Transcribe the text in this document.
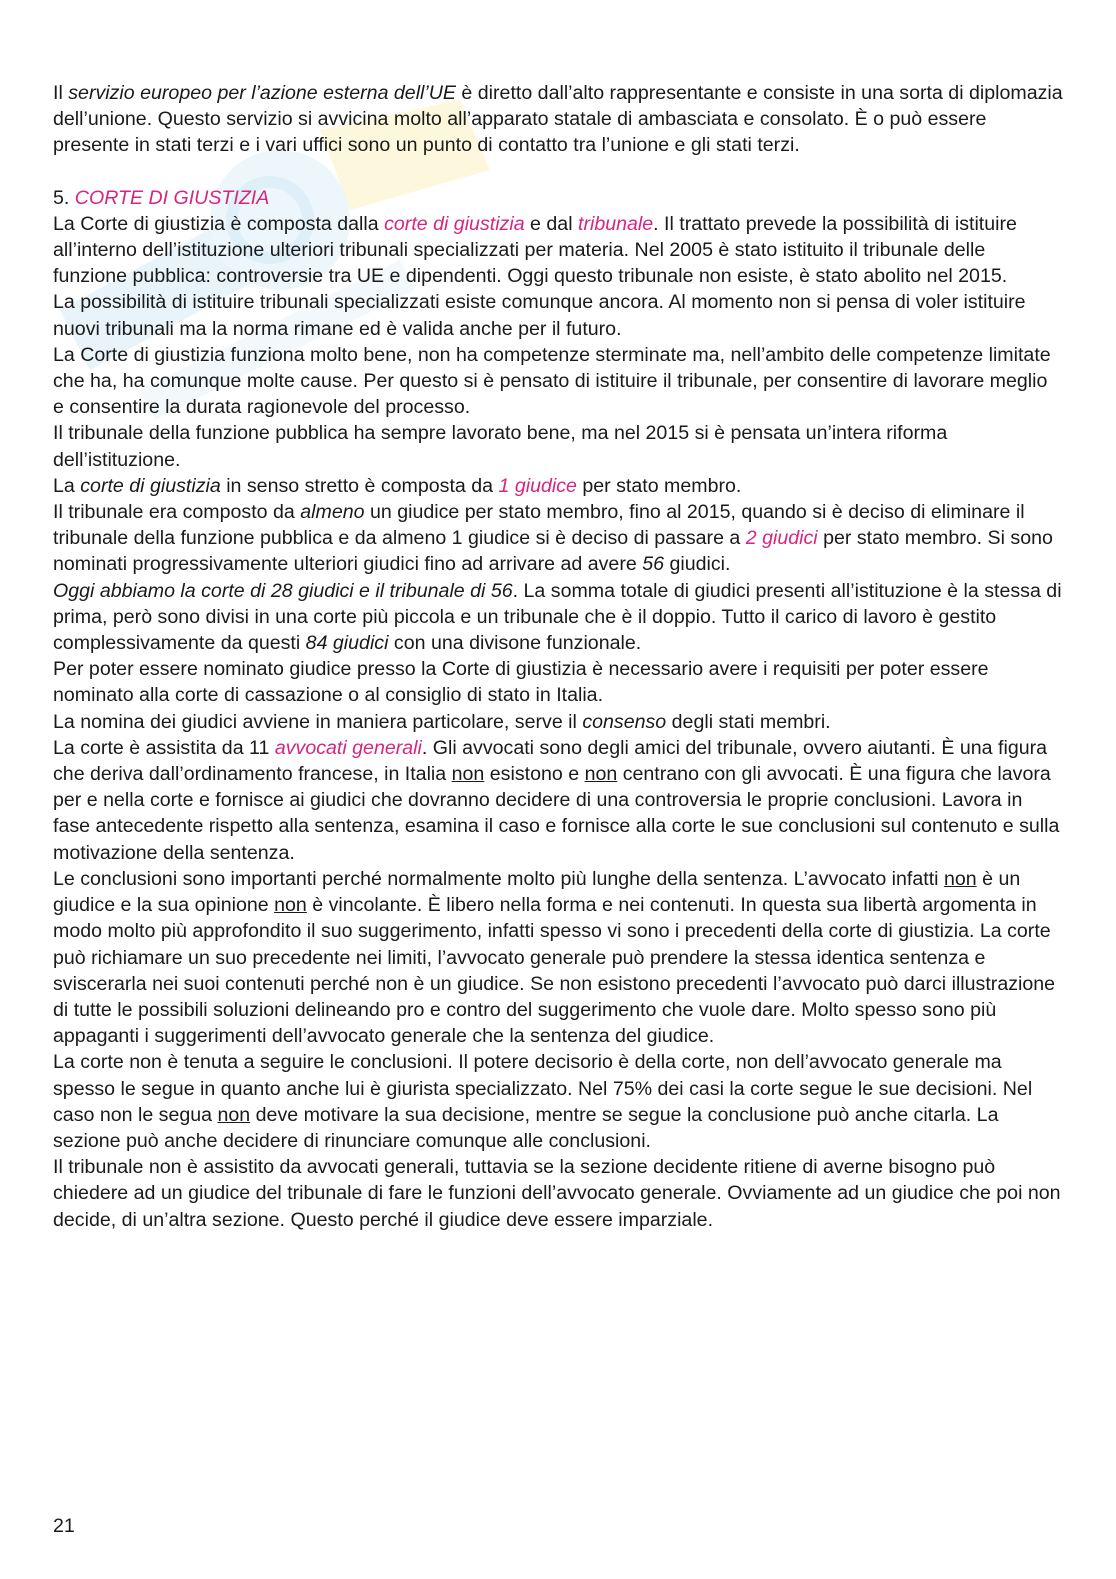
Il servizio europeo per l’azione esterna dell’UE è diretto dall’alto rappresentante e consiste in una sorta di diplomazia dell’unione. Questo servizio si avvicina molto all’apparato statale di ambasciata e consolato. È o può essere presente in stati terzi e i vari uffici sono un punto di contatto tra l’unione e gli stati terzi.

5. CORTE DI GIUSTIZIA

La Corte di giustizia è composta dalla corte di giustizia e dal tribunale. Il trattato prevede la possibilità di istituire all’interno dell’istituzione ulteriori tribunali specializzati per materia. Nel 2005 è stato istituito il tribunale delle funzione pubblica: controversie tra UE e dipendenti. Oggi questo tribunale non esiste, è stato abolito nel 2015.

La possibilità di istituire tribunali specializzati esiste comunque ancora. Al momento non si pensa di voler istituire nuovi tribunali ma la norma rimane ed è valida anche per il futuro.

La Corte di giustizia funziona molto bene, non ha competenze sterminate ma, nell’ambito delle competenze limitate che ha, ha comunque molte cause. Per questo si è pensato di istituire il tribunale, per consentire di lavorare meglio e consentire la durata ragionevole del processo.

Il tribunale della funzione pubblica ha sempre lavorato bene, ma nel 2015 si è pensata un’intera riforma dell’istituzione.

La corte di giustizia in senso stretto è composta da 1 giudice per stato membro.

Il tribunale era composto da almeno un giudice per stato membro, fino al 2015, quando si è deciso di eliminare il tribunale della funzione pubblica e da almeno 1 giudice si è deciso di passare a 2 giudici per stato membro. Si sono nominati progressivamente ulteriori giudici fino ad arrivare ad avere 56 giudici.

Oggi abbiamo la corte di 28 giudici e il tribunale di 56. La somma totale di giudici presenti all’istituzione è la stessa di prima, però sono divisi in una corte più piccola e un tribunale che è il doppio. Tutto il carico di lavoro è gestito complessivamente da questi 84 giudici con una divisone funzionale.

Per poter essere nominato giudice presso la Corte di giustizia è necessario avere i requisiti per poter essere nominato alla corte di cassazione o al consiglio di stato in Italia.

La nomina dei giudici avviene in maniera particolare, serve il consenso degli stati membri.

La corte è assistita da 11 avvocati generali. Gli avvocati sono degli amici del tribunale, ovvero aiutanti. È una figura che deriva dall’ordinamento francese, in Italia non esistono e non centrano con gli avvocati. È una figura che lavora per e nella corte e fornisce ai giudici che dovranno decidere di una controversia le proprie conclusioni. Lavora in fase antecedente rispetto alla sentenza, esamina il caso e fornisce alla corte le sue conclusioni sul contenuto e sulla motivazione della sentenza.

Le conclusioni sono importanti perché normalmente molto più lunghe della sentenza. L’avvocato infatti non è un giudice e la sua opinione non è vincolante. È libero nella forma e nei contenuti. In questa sua libertà argomenta in modo molto più approfondito il suo suggerimento, infatti spesso vi sono i precedenti della corte di giustizia. La corte può richiamare un suo precedente nei limiti, l’avvocato generale può prendere la stessa identica sentenza e sviscerarla nei suoi contenuti perché non è un giudice. Se non esistono precedenti l’avvocato può darci illustrazione di tutte le possibili soluzioni delineando pro e contro del suggerimento che vuole dare. Molto spesso sono più appaganti i suggerimenti dell’avvocato generale che la sentenza del giudice.

La corte non è tenuta a seguire le conclusioni. Il potere decisorio è della corte, non dell’avvocato generale ma spesso le segue in quanto anche lui è giurista specializzato. Nel 75% dei casi la corte segue le sue decisioni. Nel caso non le segua non deve motivare la sua decisione, mentre se segue la conclusione può anche citarla. La sezione può anche decidere di rinunciare comunque alle conclusioni.

Il tribunale non è assistito da avvocati generali, tuttavia se la sezione decidente ritiene di averne bisogno può chiedere ad un giudice del tribunale di fare le funzioni dell’avvocato generale. Ovviamente ad un giudice che poi non decide, di un’altra sezione. Questo perché il giudice deve essere imparziale.

21
